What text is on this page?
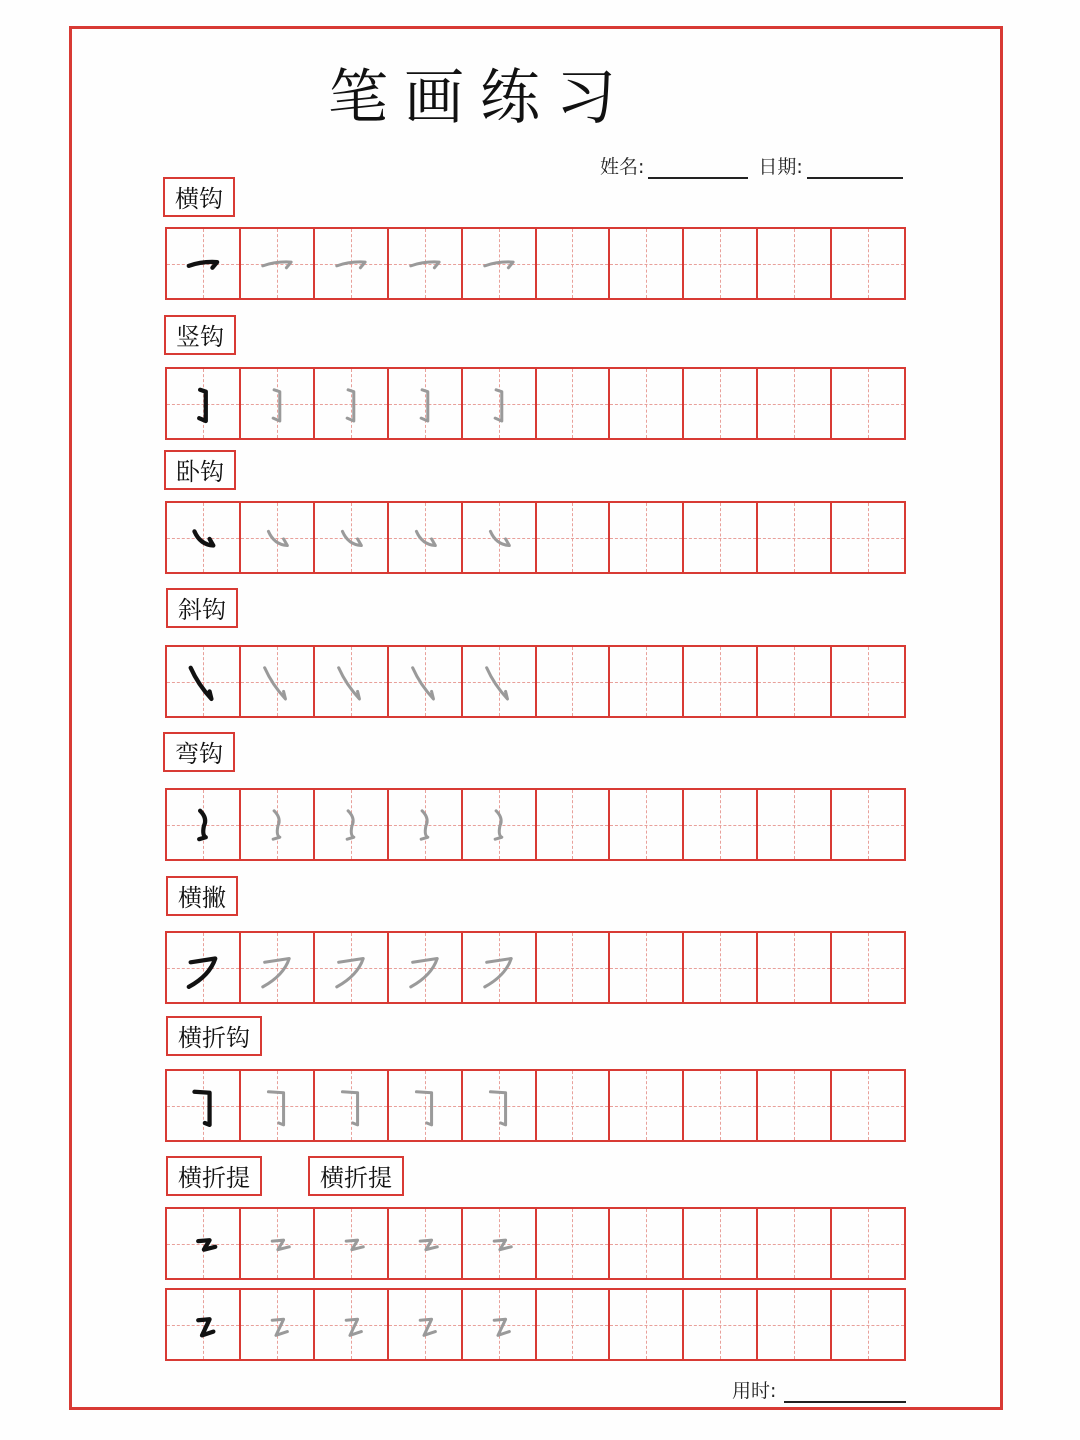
笔画练习
姓名:	日期:
横钩
竖钩
卧钩
斜钩
弯钩
横撇
横折钩
横折提	横折提
用时:
